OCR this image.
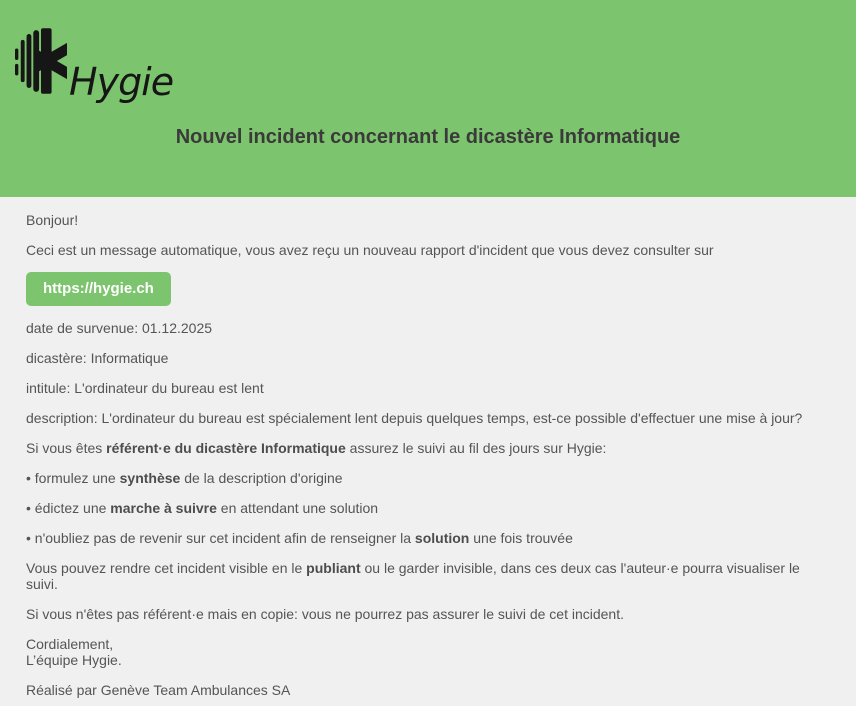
Hygie
Nouvel incident concernant le dicastère Informatique

Bonjour!

Ceci est un message automatique, vous avez reçu un nouveau rapport d'incident que vous devez consulter sur

https://hygie.ch

date de survenue: 01.12.2025

dicastère: Informatique

intitule: L'ordinateur du bureau est lent

description: L'ordinateur du bureau est spécialement lent depuis quelques temps, est-ce possible d'effectuer une mise à jour?

Si vous êtes référent·e du dicastère Informatique assurez le suivi au fil des jours sur Hygie:

• formulez une synthèse de la description d'origine

• édictez une marche à suivre en attendant une solution

• n'oubliez pas de revenir sur cet incident afin de renseigner la solution une fois trouvée

Vous pouvez rendre cet incident visible en le publiant ou le garder invisible, dans ces deux cas l'auteur·e pourra visualiser le suivi.

Si vous n'êtes pas référent·e mais en copie: vous ne pourrez pas assurer le suivi de cet incident.

Cordialement,
L’équipe Hygie.

Réalisé par Genève Team Ambulances SA
